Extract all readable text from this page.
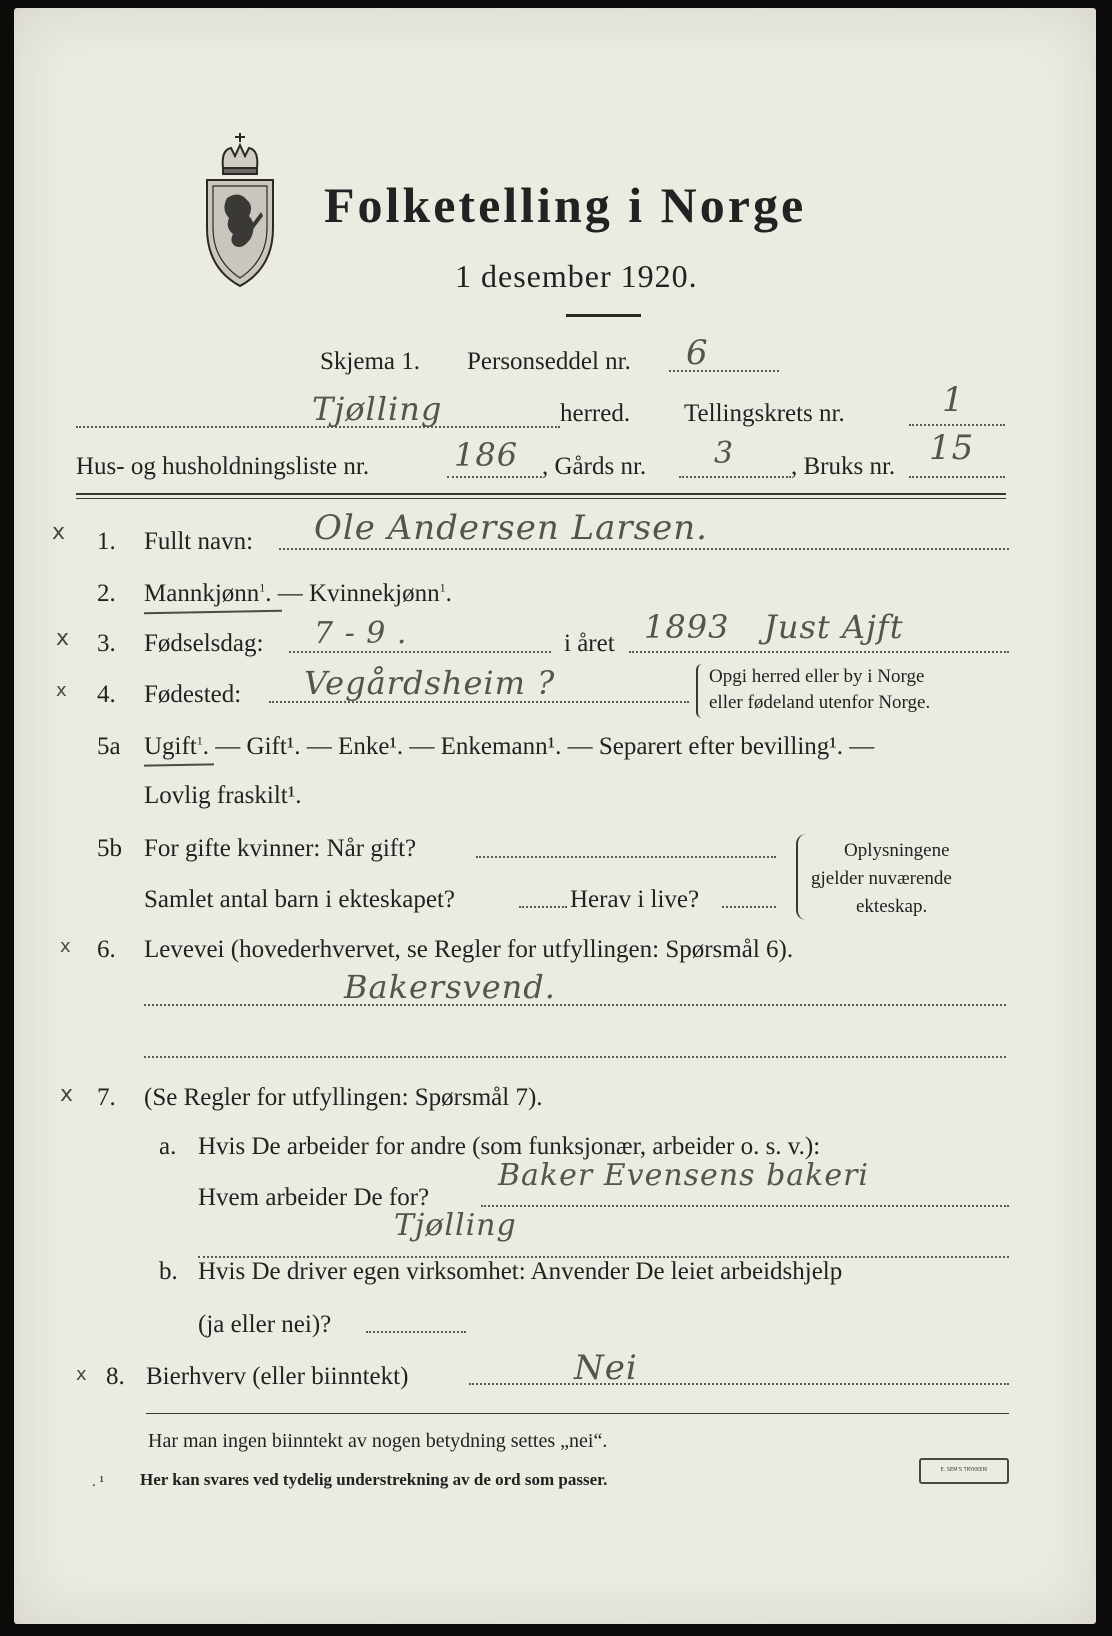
Folketelling i Norge
1 desember 1920.
Skjema 1. Personseddel nr. 6
Tjølling	herred. Tellingskrets nr.	1
Hus- og husholdningsliste nr.	186 , Gårds nr. 3 , Bruks nr. 15
x 1. Fullt navn: Ole Andersen Larsen.
2. Mannkjønn$^1$. — Kvinnekjønn$^1$.
x 3. Fødselsdag: 7 - 9 .	i året 1893 Just Ajft
x 4. Fødested: Vegårdsheim ?	Opgi herred eller by i Norge
eller fødeland utenfor Norge.
5a Ugift$^1$. — Gift¹. — Enke¹. — Enkemann¹. — Separert efter bevilling¹. —
Lovlig fraskilt¹.
5b For gifte kvinner: Når gift?
Samlet antal barn i ekteskapet?	Herav i live?
Oplysningene
gjelder nuværende
ekteskap.
x 6. Levevei (hovederhvervet, se Regler for utfyllingen: Spørsmål 6).
Bakersvend.
x 7. (Se Regler for utfyllingen: Spørsmål 7).
a. Hvis De arbeider for andre (som funksjonær, arbeider o. s. v.):
Hvem arbeider De for?
Baker Evensens bakeri
Tjølling
b. Hvis De driver egen virksomhet: Anvender De leiet arbeidshjelp
(ja eller nei)?
x 8. Bierhverv (eller biinntekt)	Nei
Har man ingen biinntekt av nogen betydning settes „nei“.
. ¹ Her kan svares ved tydelig understrekning av de ord som passer.	E. SEM'S TRYKKERI
